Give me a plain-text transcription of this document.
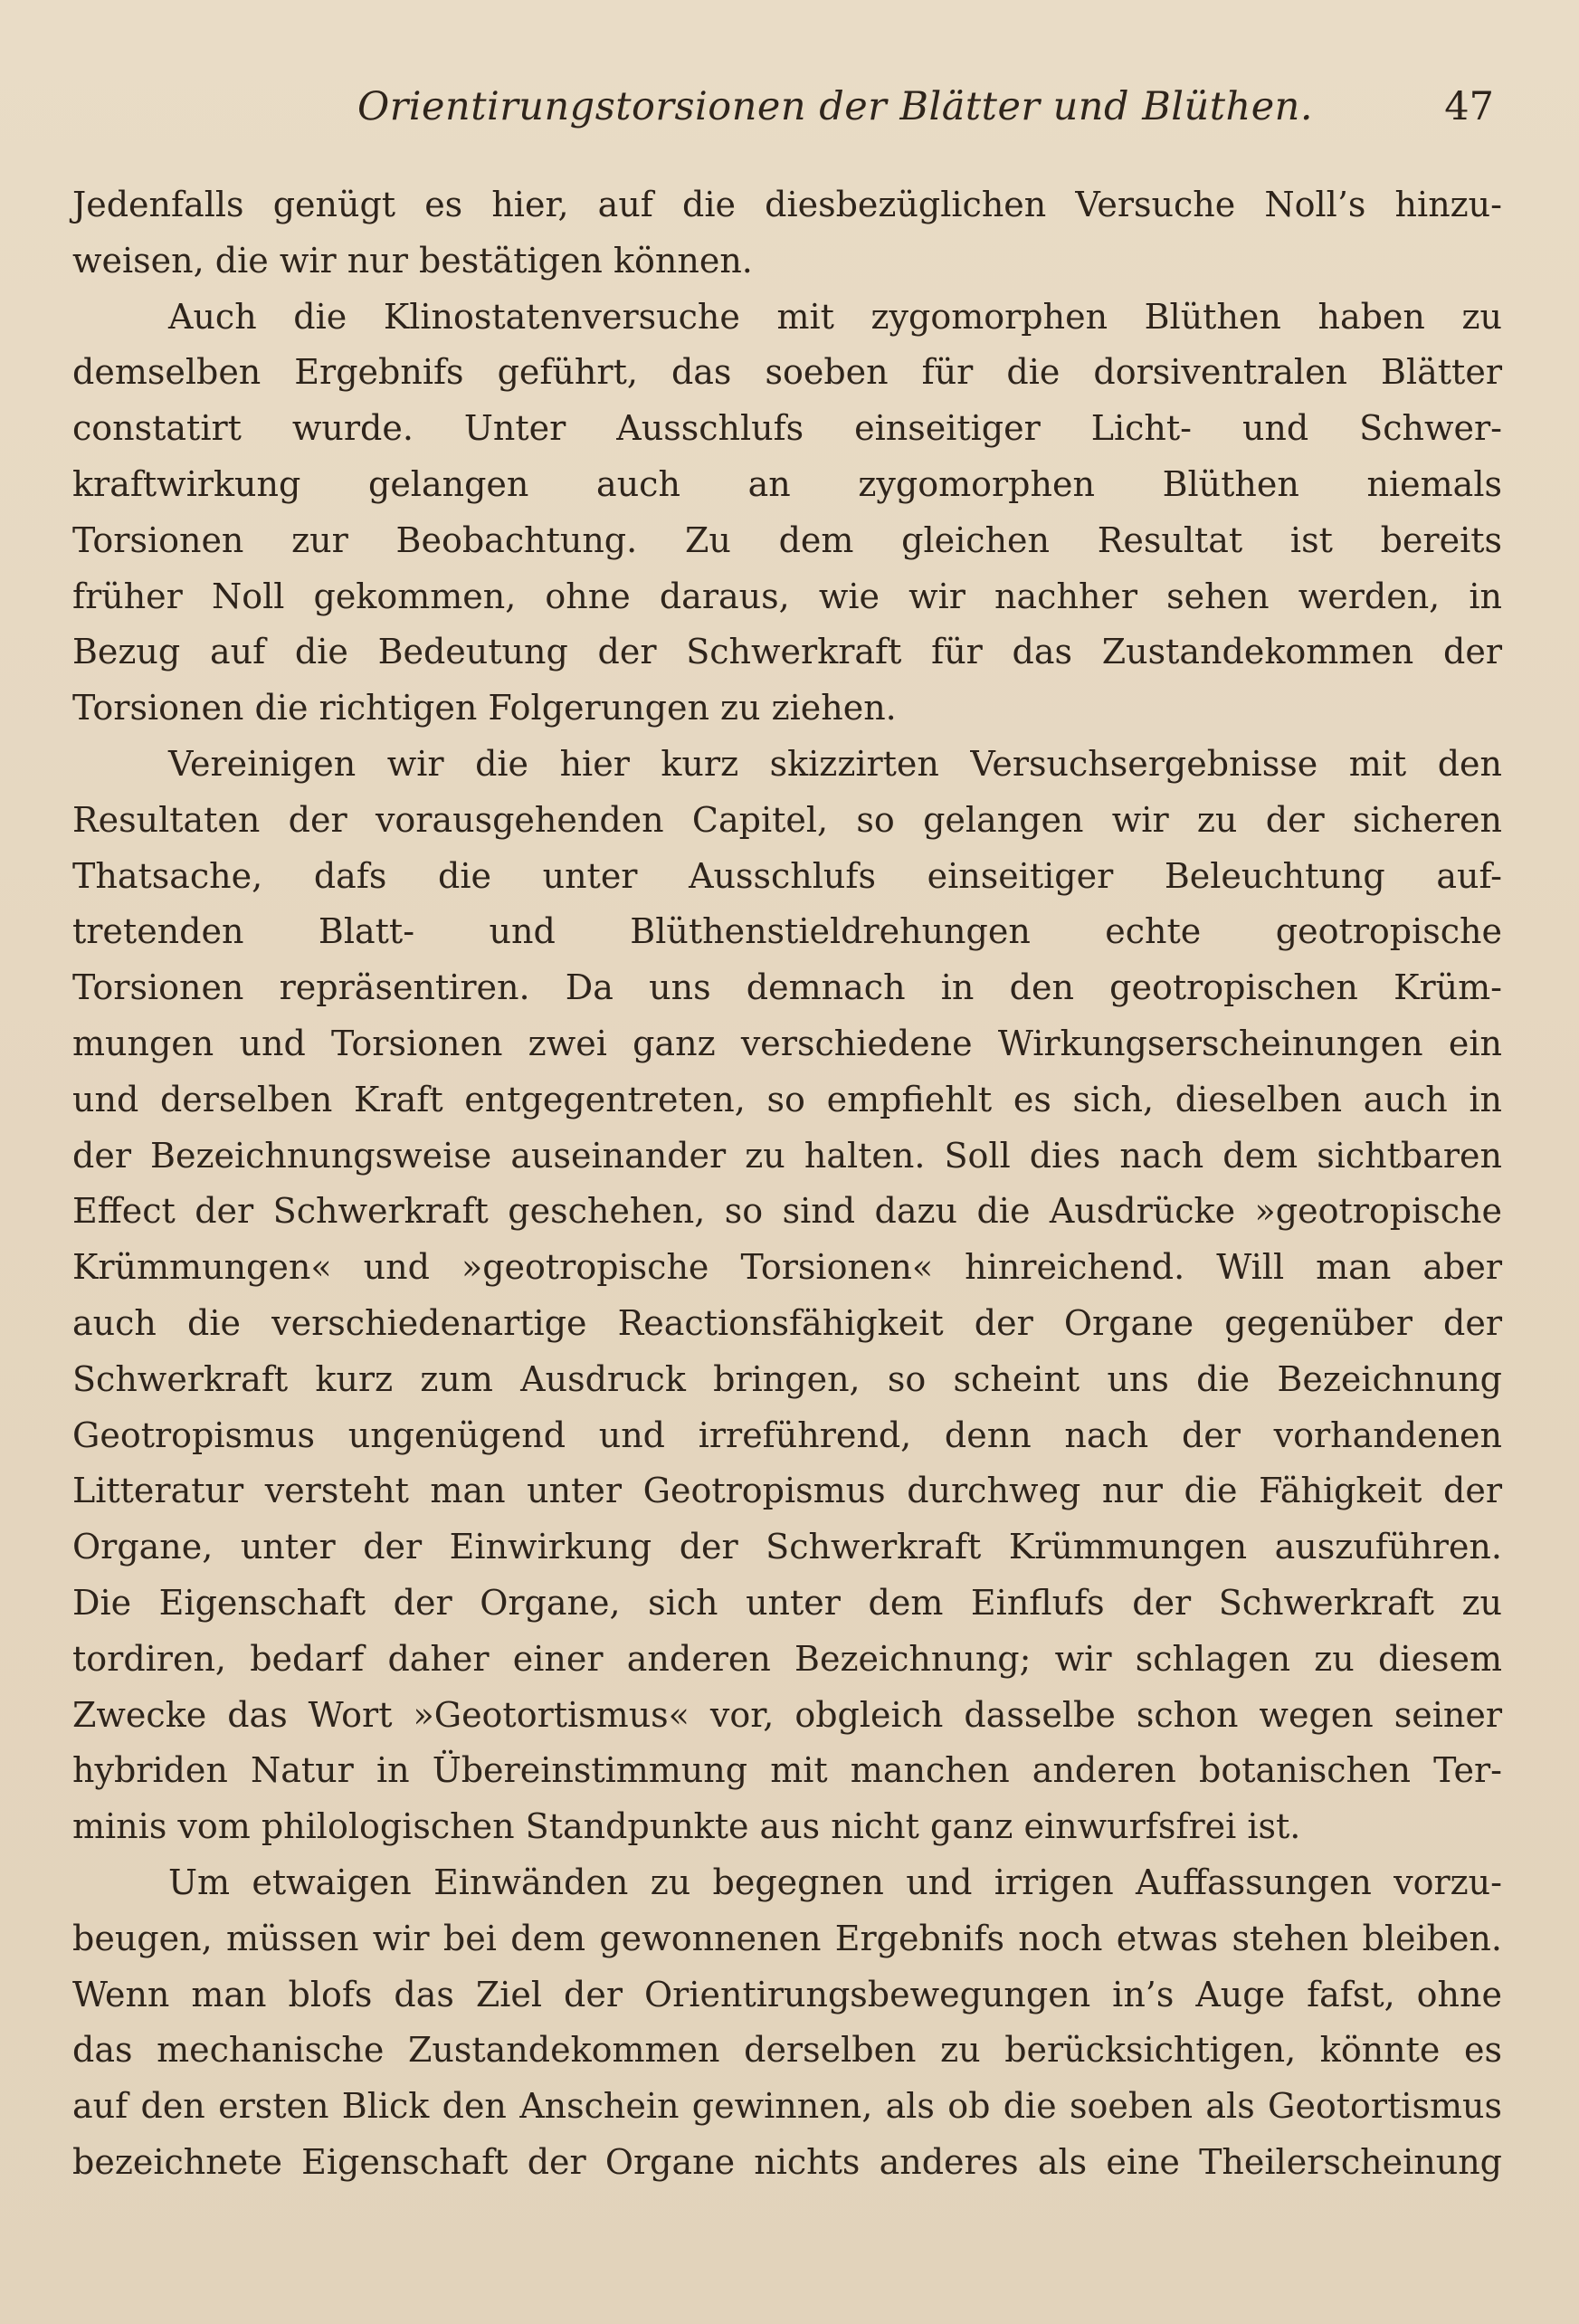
Orientirungstorsionen der Blätter und Blüthen.	47
Jedenfalls genügt es hier, auf die diesbezüglichen Versuche Noll’s hinzu-
weisen, die wir nur bestätigen können.
Auch die Klinostatenversuche mit zygomorphen Blüthen haben zu
demselben Ergebnifs geführt, das soeben für die dorsiventralen Blätter
constatirt wurde. Unter Ausschlufs einseitiger Licht- und Schwer-
kraftwirkung gelangen auch an zygomorphen Blüthen niemals
Torsionen zur Beobachtung. Zu dem gleichen Resultat ist bereits
früher Noll gekommen, ohne daraus, wie wir nachher sehen werden, in
Bezug auf die Bedeutung der Schwerkraft für das Zustandekommen der
Torsionen die richtigen Folgerungen zu ziehen.
Vereinigen wir die hier kurz skizzirten Versuchsergebnisse mit den
Resultaten der vorausgehenden Capitel, so gelangen wir zu der sicheren
Thatsache, dafs die unter Ausschlufs einseitiger Beleuchtung auf-
tretenden Blatt- und Blüthenstieldrehungen echte geotropische
Torsionen repräsentiren. Da uns demnach in den geotropischen Krüm-
mungen und Torsionen zwei ganz verschiedene Wirkungserscheinungen ein
und derselben Kraft entgegentreten, so empfiehlt es sich, dieselben auch in
der Bezeichnungsweise auseinander zu halten. Soll dies nach dem sichtbaren
Effect der Schwerkraft geschehen, so sind dazu die Ausdrücke »geotropische
Krümmungen« und »geotropische Torsionen« hinreichend. Will man aber
auch die verschiedenartige Reactionsfähigkeit der Organe gegenüber der
Schwerkraft kurz zum Ausdruck bringen, so scheint uns die Bezeichnung
Geotropismus ungenügend und irreführend, denn nach der vorhandenen
Litteratur versteht man unter Geotropismus durchweg nur die Fähigkeit der
Organe, unter der Einwirkung der Schwerkraft Krümmungen auszuführen.
Die Eigenschaft der Organe, sich unter dem Einflufs der Schwerkraft zu
tordiren, bedarf daher einer anderen Bezeichnung; wir schlagen zu diesem
Zwecke das Wort »Geotortismus« vor, obgleich dasselbe schon wegen seiner
hybriden Natur in Übereinstimmung mit manchen anderen botanischen Ter-
minis vom philologischen Standpunkte aus nicht ganz einwurfsfrei ist.
Um etwaigen Einwänden zu begegnen und irrigen Auffassungen vorzu-
beugen, müssen wir bei dem gewonnenen Ergebnifs noch etwas stehen bleiben.
Wenn man blofs das Ziel der Orientirungsbewegungen in’s Auge fafst, ohne
das mechanische Zustandekommen derselben zu berücksichtigen, könnte es
auf den ersten Blick den Anschein gewinnen, als ob die soeben als Geotortismus
bezeichnete Eigenschaft der Organe nichts anderes als eine Theilerscheinung
